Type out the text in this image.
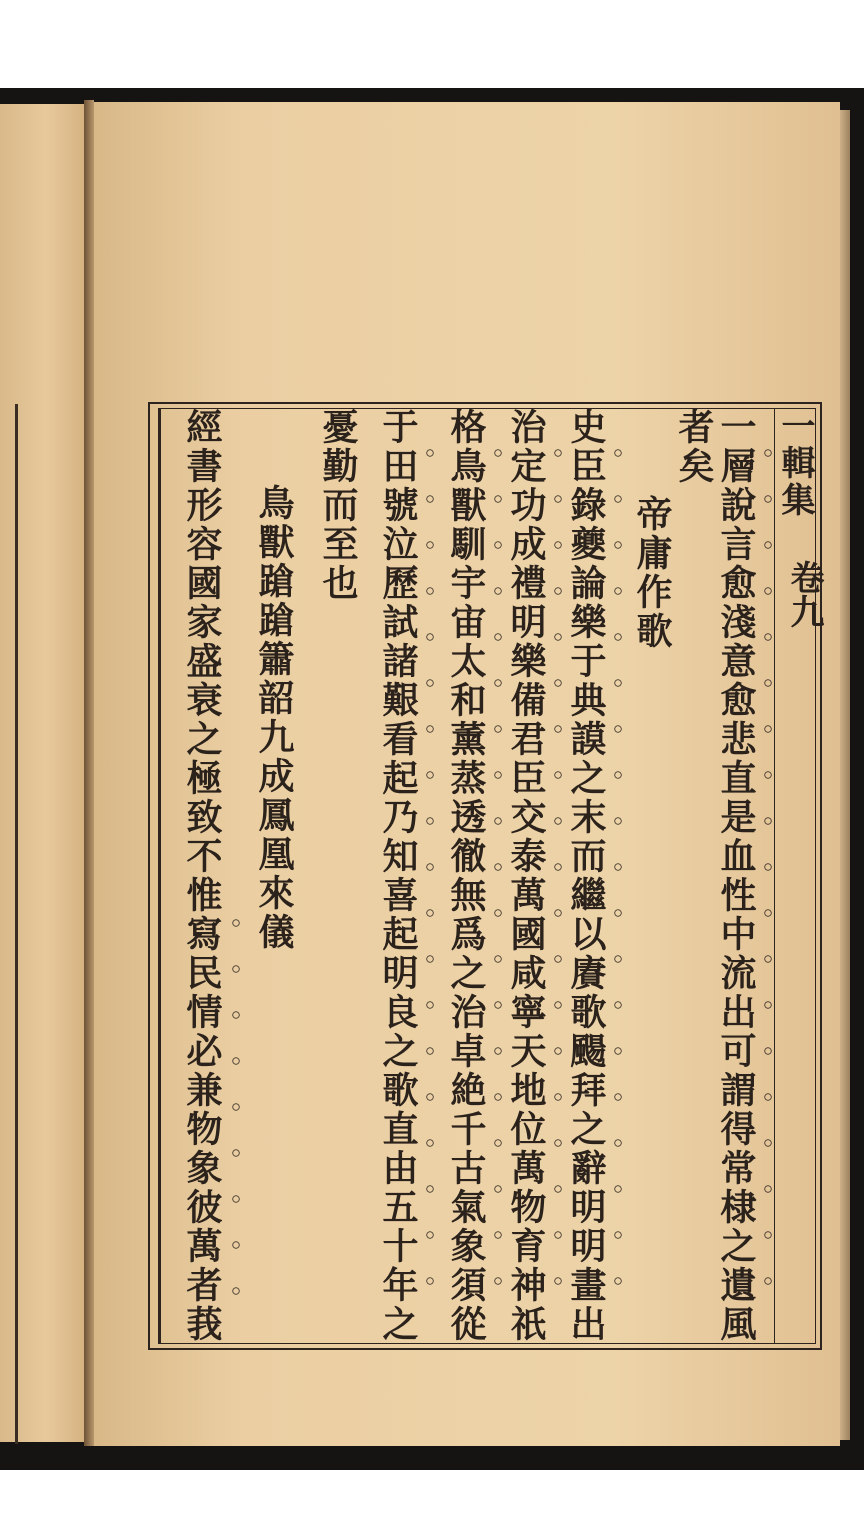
一輯集
卷九
一層說言愈淺意愈悲直是血性中流出可謂得常棣之遺風
者矣
帝庸作歌
史臣錄夔論樂于典謨之末而繼以賡歌颺拜之辭明明畫出
治定功成禮明樂備君臣交泰萬國咸寧天地位萬物育神祇
格鳥獸馴宇宙太和薰蒸透徹無爲之治卓絶千古氣象須從
于田號泣歷試諸艱看起乃知喜起明良之歌直由五十年之
憂勤而至也
鳥獸蹌蹌簫韶九成鳳凰來儀
經書形容國家盛衰之極致不惟寫民情必兼物象彼萬者莪
